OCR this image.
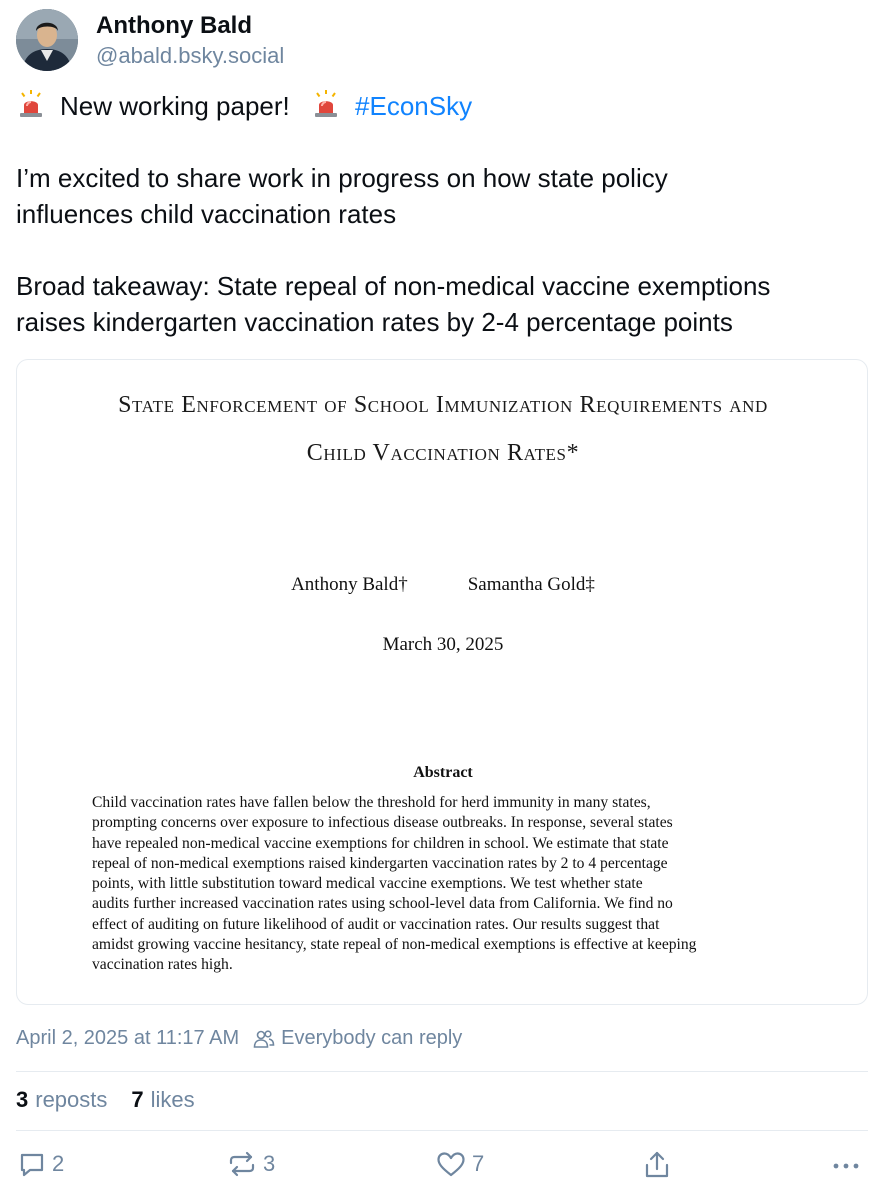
Anthony Bald
@abald.bsky.social
New working paper!	#EconSky
I’m excited to share work in progress on how state policy
influences child vaccination rates
Broad takeaway: State repeal of non-medical vaccine exemptions
raises kindergarten vaccination rates by 2-4 percentage points
State Enforcement of School Immunization Requirements and
Child Vaccination Rates*
Anthony Bald†	Samantha Gold‡
March 30, 2025
Abstract
Child vaccination rates have fallen below the threshold for herd immunity in many states,
prompting concerns over exposure to infectious disease outbreaks. In response, several states
have repealed non-medical vaccine exemptions for children in school. We estimate that state
repeal of non-medical exemptions raised kindergarten vaccination rates by 2 to 4 percentage
points, with little substitution toward medical vaccine exemptions. We test whether state
audits further increased vaccination rates using school-level data from California. We find no
effect of auditing on future likelihood of audit or vaccination rates. Our results suggest that
amidst growing vaccine hesitancy, state repeal of non-medical exemptions is effective at keeping
vaccination rates high.
April 2, 2025 at 11:17 AM Everybody can reply
3 reposts 7 likes
2	3	7
